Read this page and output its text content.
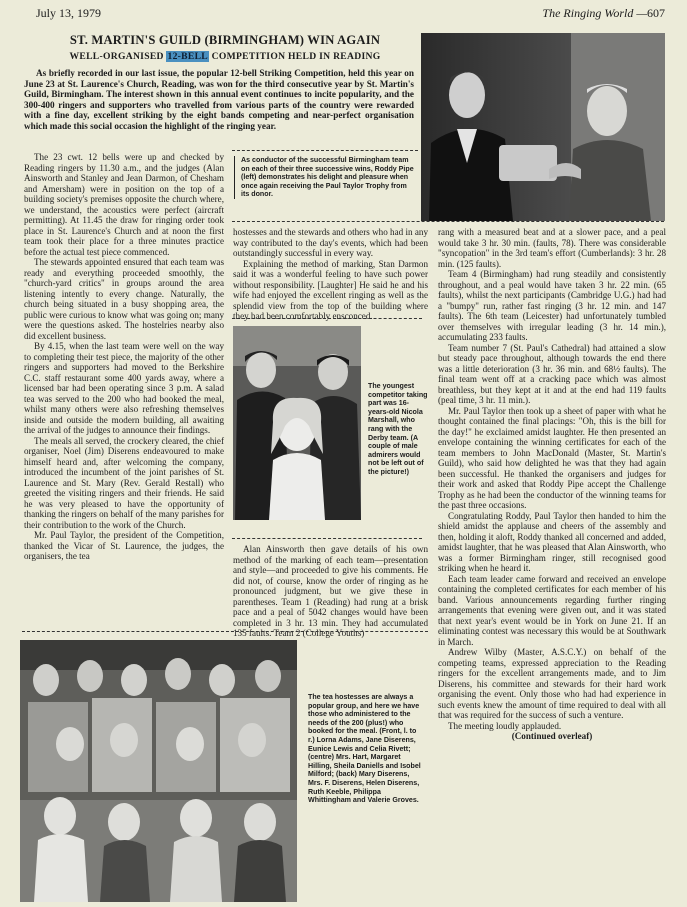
July 13, 1979	The Ringing World —607
ST. MARTIN'S GUILD (BIRMINGHAM) WIN AGAIN
WELL-ORGANISED 12-BELL COMPETITION HELD IN READING

As briefly recorded in our last issue, the popular 12-bell Striking Competition, held this year on June 23 at St. Laurence's Church, Reading, was won for the third consecutive year by St. Martin's Guild, Birmingham. The interest shown in this annual event continues to incite popularity, and the 300-400 ringers and supporters who travelled from various parts of the country were rewarded with a fine day, excellent striking by the eight bands competing and near-perfect organisation which made this social occasion the highlight of the ringing year.

As conductor of the successful Birmingham team on each of their three successive wins, Roddy Pipe (left) demonstrates his delight and pleasure when once again receiving the Paul Taylor Trophy from its donor.

The 23 cwt. 12 bells were up and checked by Reading ringers by 11.30 a.m., and the judges (Alan Ainsworth and Stanley and Jean Darmon, of Chesham and Amersham) were in position on the top of a building society's premises opposite the church where, we understand, the acoustics were perfect (aircraft permitting). At 11.45 the draw for ringing order took place in St. Laurence's Church and at noon the first team took their place for a three minutes practice before the actual test piece commenced.

The stewards appointed ensured that each team was ready and everything proceeded smoothly, the "church-yard critics" in groups around the area listening intently to every change. Naturally, the church being situated in a busy shopping area, the public were curious to know what was going on; many were the questions asked. The hostelries nearby also did excellent business.

By 4.15, when the last team were well on the way to completing their test piece, the majority of the other ringers and supporters had moved to the Berkshire C.C. staff restaurant some 400 yards away, where a licensed bar had been operating since 3 p.m. A salad tea was served to the 200 who had booked the meal, whilst many others were also refreshing themselves inside and outside the modern building, all awaiting the arrival of the judges to announce their findings.

The meals all served, the crockery cleared, the chief organiser, Noel (Jim) Diserens endeavoured to make himself heard and, after welcoming the company, introduced the incumbent of the joint parishes of St. Laurence and St. Mary (Rev. Gerald Restall) who greeted the visiting ringers and their friends. He said he was very pleased to have the opportunity of thanking the ringers on behalf of the many parishes for their contribution to the work of the Church.

Mr. Paul Taylor, the president of the Competition, thanked the Vicar of St. Laurence, the judges, the organisers, the tea

hostesses and the stewards and others who had in any way contributed to the day's events, which had been outstandingly successful in every way.

Explaining the method of marking, Stan Darmon said it was a wonderful feeling to have such power without responsibility. [Laughter] He said he and his wife had enjoyed the excellent ringing as well as the splendid view from the top of the building where they had been comfortably ensconced.

The youngest competitor taking part was 16-years-old Nicola Marshall, who rang with the Derby team. (A couple of male admirers would not be left out of the picture!)

Alan Ainsworth then gave details of his own method of the marking of each team—presentation and style—and proceeded to give his comments. He did not, of course, know the order of ringing as he pronounced judgment, but we give these in parentheses. Team 1 (Reading) had rung at a brisk pace and a peal of 5042 changes would have been completed in 3 hr. 13 min. They had accumulated 135 faults. Team 2 (College Youths)

The tea hostesses are always a popular group, and here we have those who administered to the needs of the 200 (plus!) who booked for the meal. (Front, l. to r.) Lorna Adams, Jane Diserens, Eunice Lewis and Celia Rivett; (centre) Mrs. Hart, Margaret Hilling, Sheila Daniells and Isobel Milford; (back) Mary Diserens, Mrs. F. Diserens, Helen Diserens, Ruth Keeble, Philippa Whittingham and Valerie Groves.

rang with a measured beat and at a slower pace, and a peal would take 3 hr. 30 min. (faults, 78). There was considerable "syncopation" in the 3rd team's effort (Cumberlands): 3 hr. 28 min. (125 faults).

Team 4 (Birmingham) had rung steadily and consistently throughout, and a peal would have taken 3 hr. 22 min. (65 faults), whilst the next participants (Cambridge U.G.) had had a "bumpy" run, rather fast ringing (3 hr. 12 min. and 147 faults). The 6th team (Leicester) had unfortunately tumbled over themselves with irregular leading (3 hr. 14 min.), accumulating 233 faults.

Team number 7 (St. Paul's Cathedral) had attained a slow but steady pace throughout, although towards the end there was a little deterioration (3 hr. 36 min. and 68½ faults). The final team went off at a cracking pace which was almost breathless, but they kept at it and at the end had 119 faults (peal time, 3 hr. 11 min.).

Mr. Paul Taylor then took up a sheet of paper with what he thought contained the final placings: "Oh, this is the bill for the day!" he exclaimed amidst laughter. He then presented an envelope containing the winning certificates for each of the team members to John MacDonald (Master, St. Martin's Guild), who said how delighted he was that they had again been successful. He thanked the organisers and judges for their work and asked that Roddy Pipe accept the Challenge Trophy as he had been the conductor of the winning teams for the past three occasions.

Congratulating Roddy, Paul Taylor then handed to him the shield amidst the applause and cheers of the assembly and then, holding it aloft, Roddy thanked all concerned and added, amidst laughter, that he was pleased that Alan Ainsworth, who was a former Birmingham ringer, still recognised good striking when he heard it.

Each team leader came forward and received an envelope containing the completed certificates for each member of his band. Various announcements regarding further ringing arrangements that evening were given out, and it was stated that next year's event would be in York on June 21. If an eliminating contest was necessary this would be at Southwark in March.

Andrew Wilby (Master, A.S.C.Y.) on behalf of the competing teams, expressed appreciation to the Reading ringers for the excellent arrangements made, and to Jim Diserens, his committee and stewards for their hard work organising the event. Only those who had had experience in such events knew the amount of time required to deal with all that was required for the success of such a venture.

The meeting loudly applauded.

(Continued overleaf)
